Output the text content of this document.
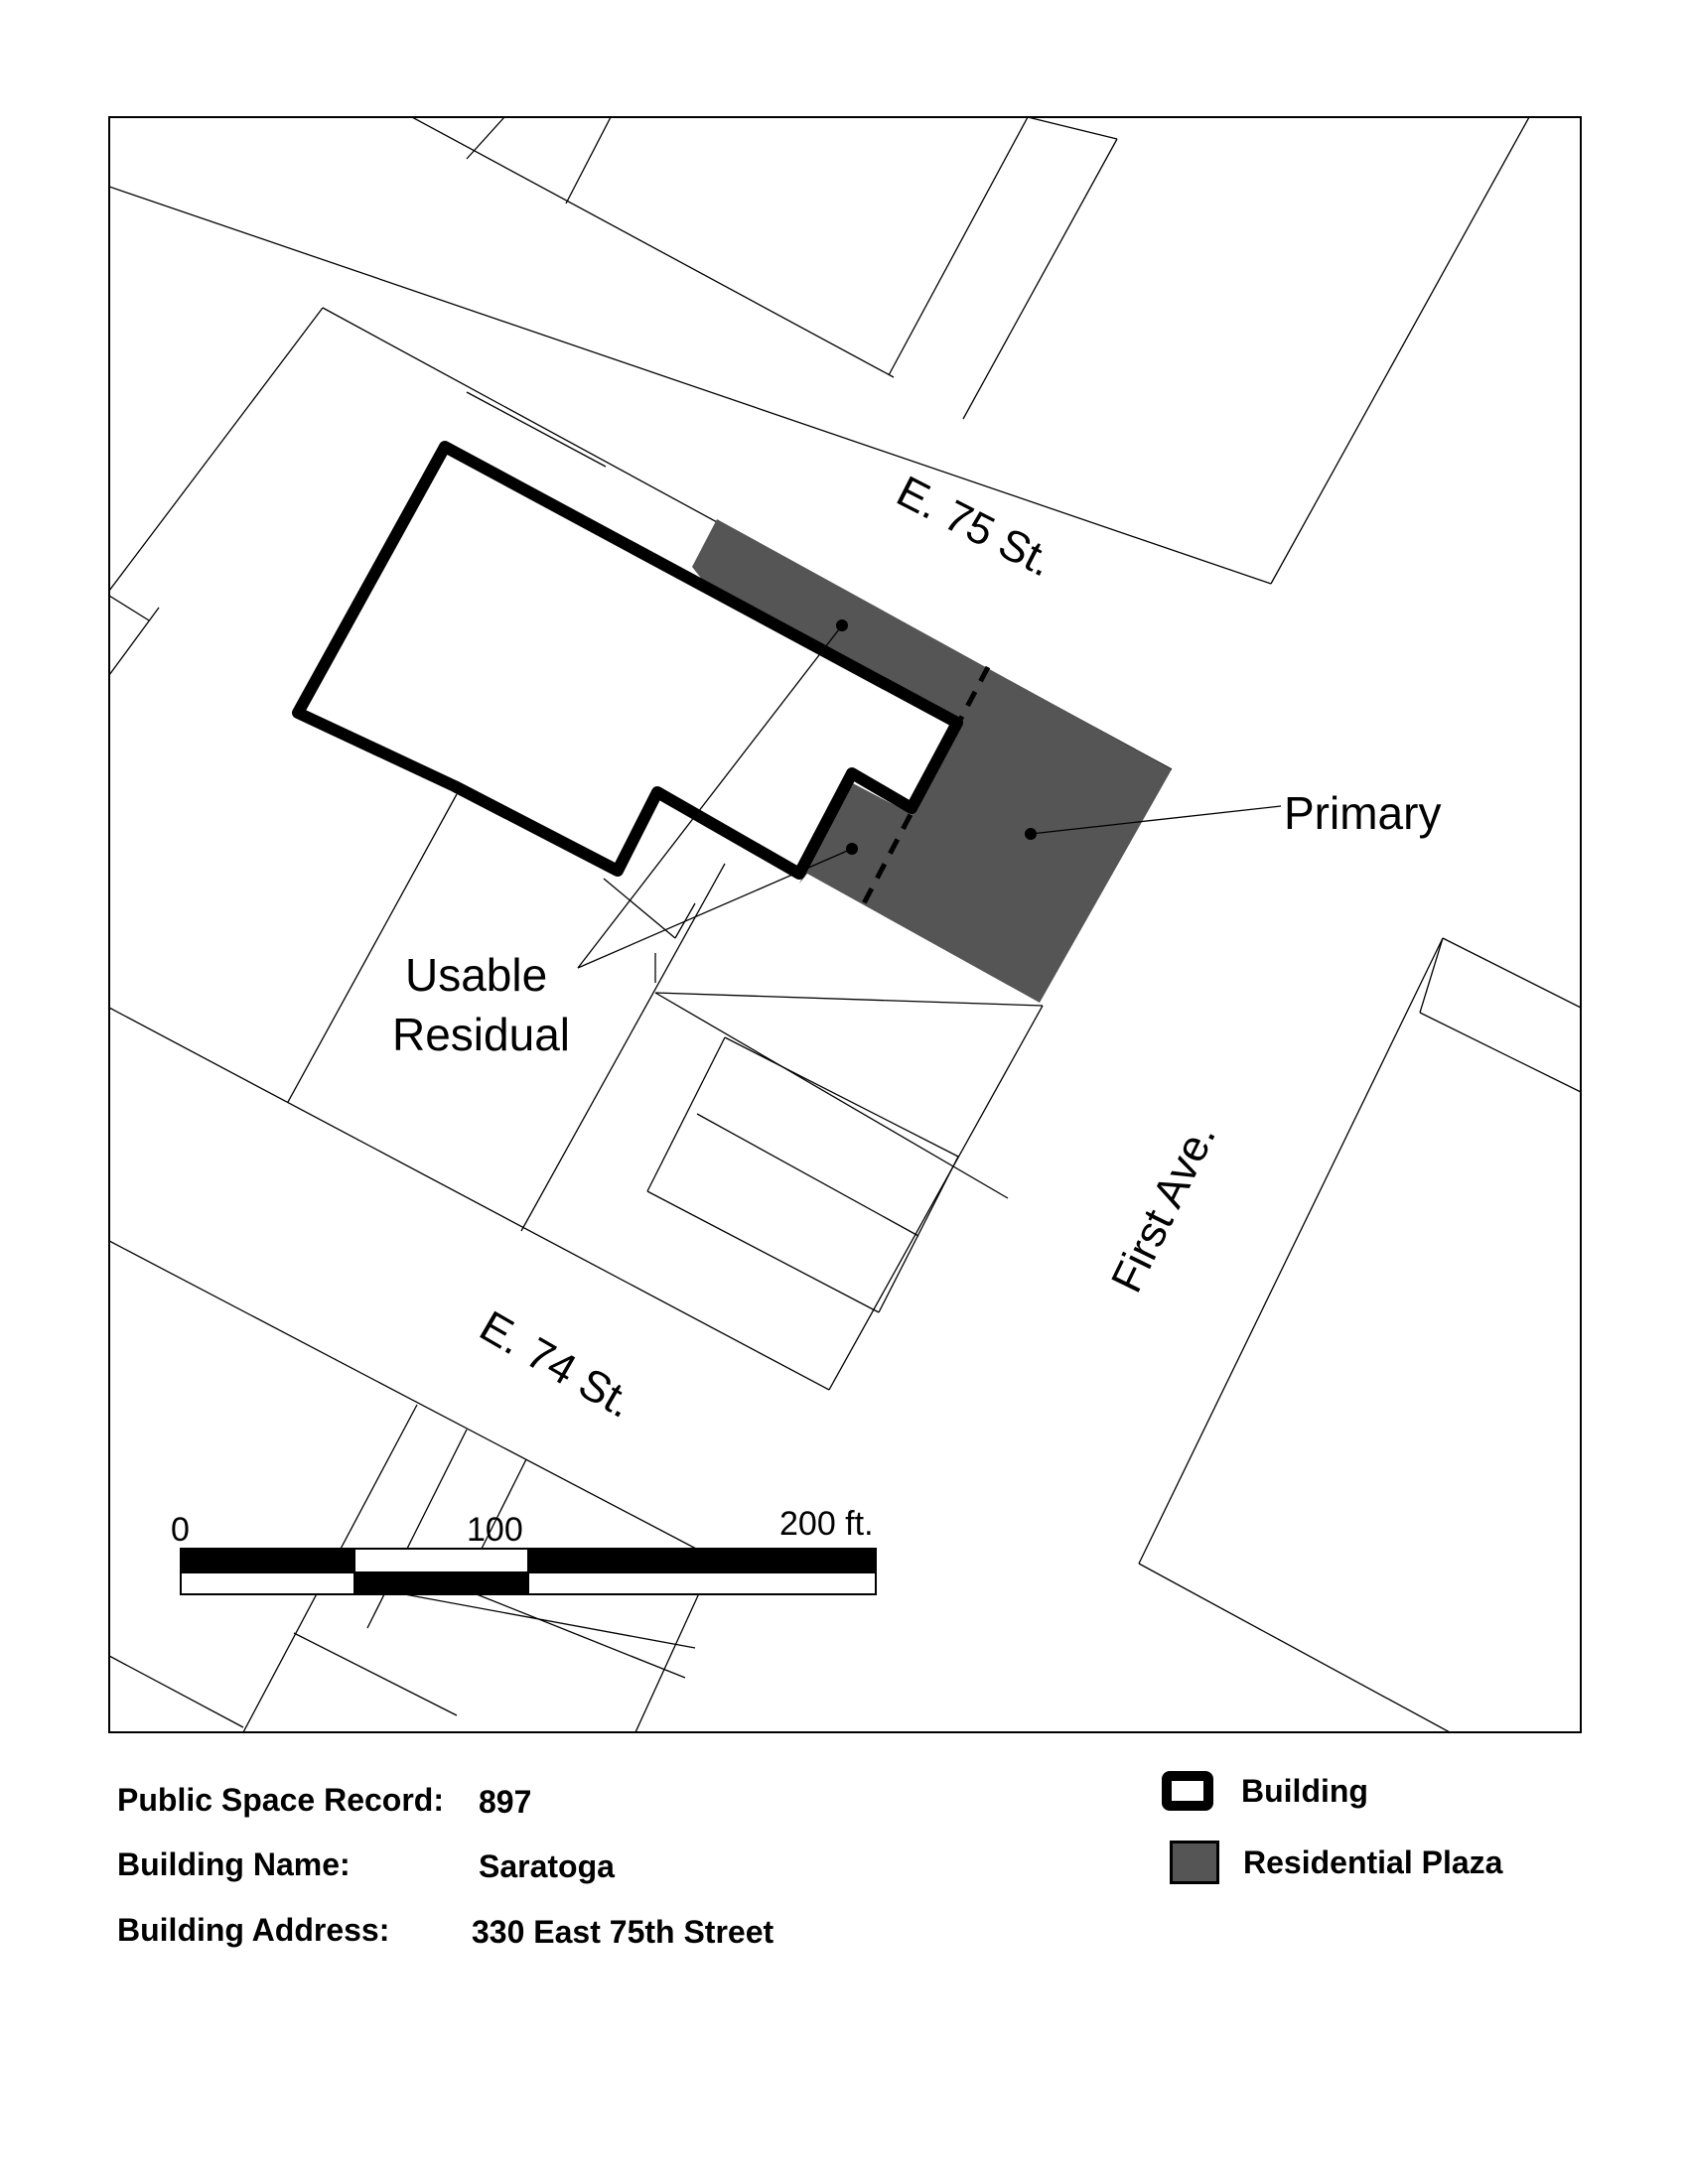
E. 75 St.
E. 74 St.
First Ave.
Primary
Usable
Residual
0	100	200 ft.
Public Space Record: 897
Building Name:	Saratoga
Building Address:	330 East 75th Street
Building
Residential Plaza
